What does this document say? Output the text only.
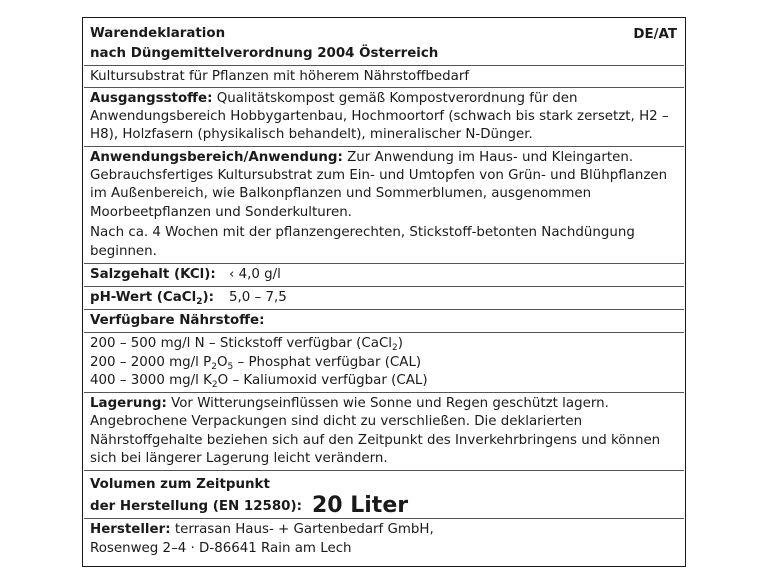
Warendeklaration	DE/AT
nach Düngemittelverordnung 2004 Österreich
Kultursubstrat für Pflanzen mit höherem Nährstoffbedarf
Ausgangsstoffe: Qualitätskompost gemäß Kompostverordnung für den
Anwendungsbereich Hobbygartenbau, Hochmoortorf (schwach bis stark zersetzt, H2 –
H8), Holzfasern (physikalisch behandelt), mineralischer N-Dünger.
Anwendungsbereich/Anwendung: Zur Anwendung im Haus- und Kleingarten.
Gebrauchsfertiges Kultursubstrat zum Ein- und Umtopfen von Grün- und Blühpflanzen
im Außenbereich, wie Balkonpflanzen und Sommerblumen, ausgenommen
Moorbeetpflanzen und Sonderkulturen.
Nach ca. 4 Wochen mit der pflanzengerechten, Stickstoff-betonten Nachdüngung
beginnen.
Salzgehalt (KCl): ‹ 4,0 g/l
pH-Wert (CaCl$_2$): 5,0 – 7,5
Verfügbare Nährstoffe:
200 – 500 mg/l N – Stickstoff verfügbar (CaCl$_2$)
200 – 2000 mg/l $P_2O_5$ – Phosphat verfügbar (CAL)
400 – 3000 mg/l $K_2O$ – Kaliumoxid verfügbar (CAL)
Lagerung: Vor Witterungseinflüssen wie Sonne und Regen geschützt lagern.
Angebrochene Verpackungen sind dicht zu verschließen. Die deklarierten
Nährstoffgehalte beziehen sich auf den Zeitpunkt des Inverkehrbringens und können
sich bei längerer Lagerung leicht verändern.
Volumen zum Zeitpunkt
der Herstellung (EN 12580): 20 Liter
Hersteller: terrasan Haus- + Gartenbedarf GmbH,
Rosenweg 2–4 · D-86641 Rain am Lech
